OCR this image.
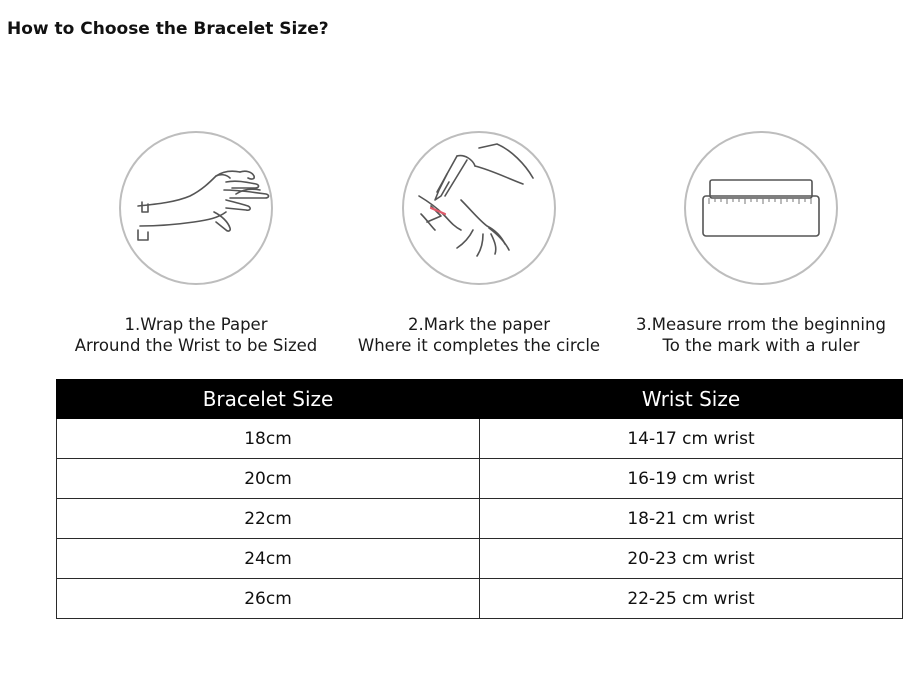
How to Choose the Bracelet Size?
1.Wrap the Paper
Arround the Wrist to be Sized
2.Mark the paper
Where it completes the circle
3.Measure rrom the beginning
To the mark with a ruler
Bracelet Size	Wrist Size
18cm	14-17 cm wrist
20cm	16-19 cm wrist
22cm	18-21 cm wrist
24cm	20-23 cm wrist
26cm	22-25 cm wrist
